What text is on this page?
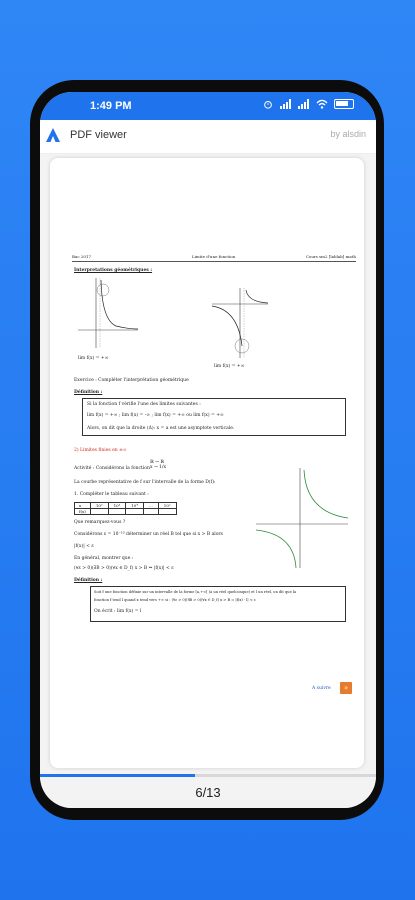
1:49 PM
PDF viewer	by alsdin
Bac 2017	Limite d'une fonction	Cours sm2 [lablab] math
Interpretations géométriques :
lim f(x) = +∞
lim f(x) = +∞
Exercice : Compléter l'interprétation géométrique
Définition :
Si la fonction f vérifie l'une des limites suivantes :
lim f(x) = +∞ ; lim f(x) = -∞ ; lim f(x) = +∞ ou lim f(x) = +∞
Alors, on dit que la droite (Δ): x = a est une asymptote verticale.
2) Limites finies en ±∞
Activité : Considérons la fonction
ℝ → ℝ
x → 1/x
La courbe représentative de f sur l'intervalle de la forme D(f):
1. Compléter le tableau suivant :
x	10²	10³	10⁴	...	10ⁿ
f(x)					
Que remarquez-vous ?
Considérons ε = 10⁻¹⁰ déterminer un réel B tel que si x > B alors
|f(x)| < ε
En général, montrer que :
(∀ε > 0)(∃B > 0)(∀x ∈ D_f) x > B ⇒ |f(x)| < ε
Définition :
Soit f une fonction définie sur un intervalle de la forme [a,+∞[ (a un réel quelconque) et l un réel, on dit que la
fonction f tend l quand x tend vers +∞ si : (∀ε > 0)(∃B > 0)(∀x ∈ D_f) x > B ⇒ |f(x) - l| < ε
On écrit : lim f(x) = l
A suivre	»
6/13
